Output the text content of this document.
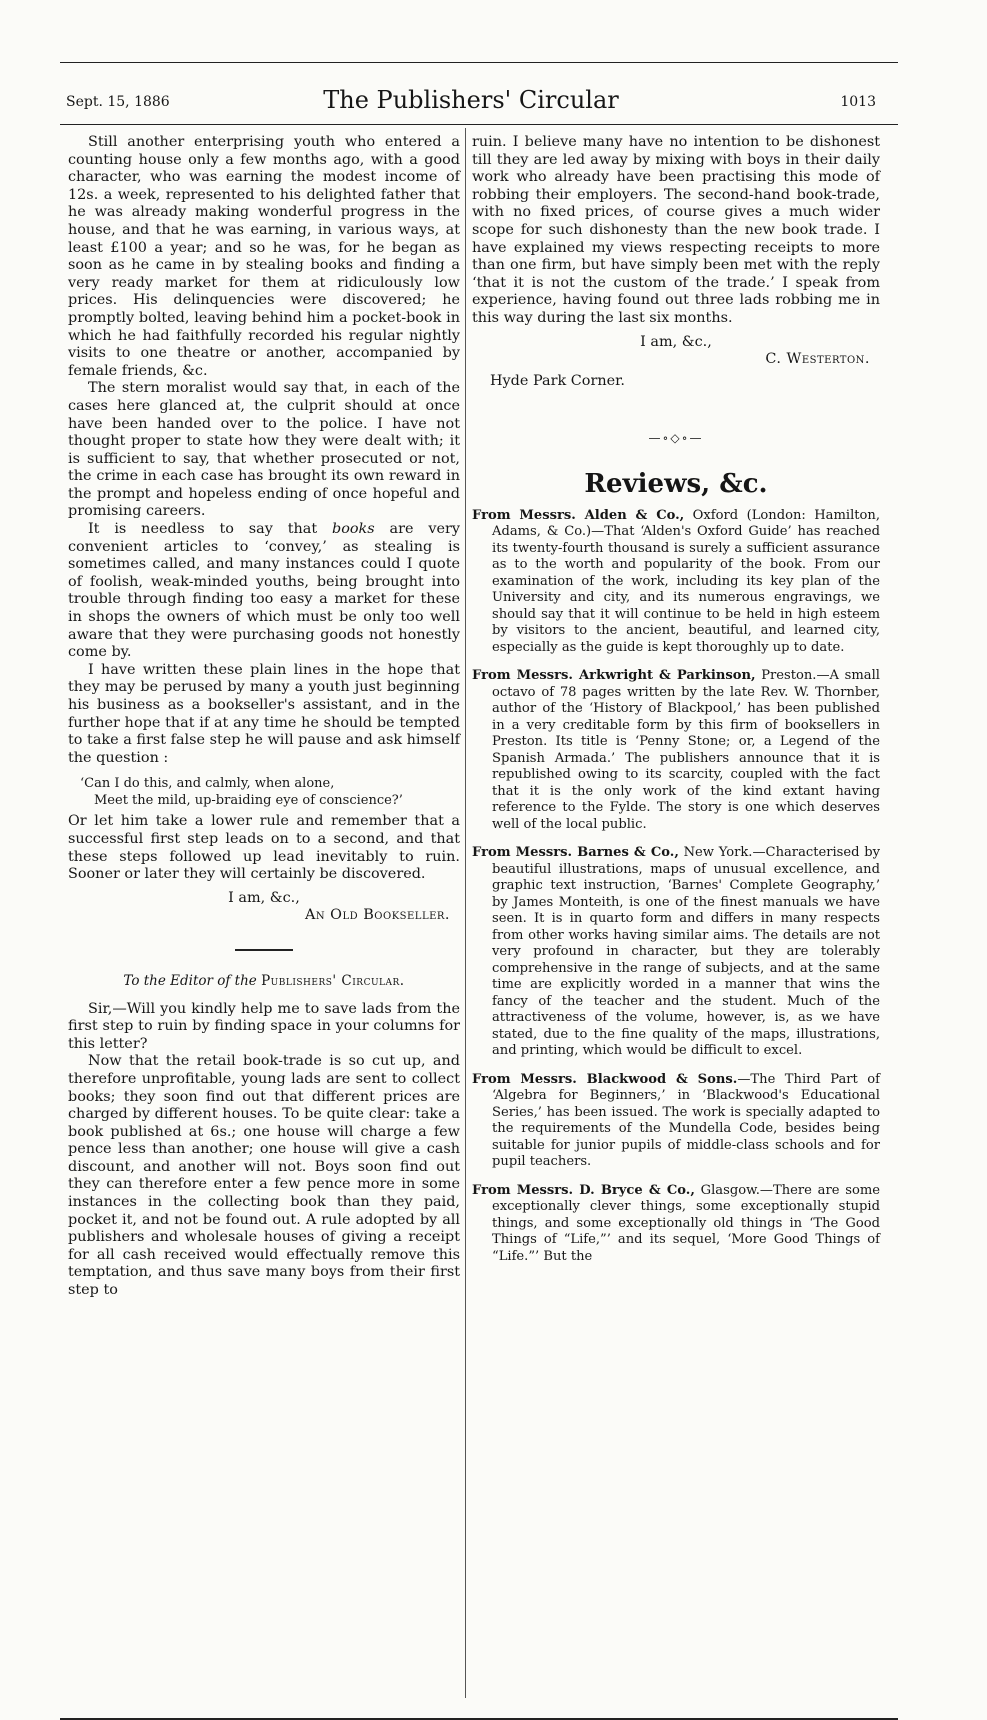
Sept. 15, 1886	The Publishers' Circular	1013

Still another enterprising youth who entered a counting house only a few months ago, with a good character, who was earning the modest income of 12s. a week, represented to his delighted father that he was already making wonderful progress in the house, and that he was earning, in various ways, at least £100 a year; and so he was, for he began as soon as he came in by stealing books and finding a very ready market for them at ridiculously low prices. His delinquencies were discovered; he promptly bolted, leaving behind him a pocket-book in which he had faithfully recorded his regular nightly visits to one theatre or another, accompanied by female friends, &c.

The stern moralist would say that, in each of the cases here glanced at, the culprit should at once have been handed over to the police. I have not thought proper to state how they were dealt with; it is sufficient to say, that whether prosecuted or not, the crime in each case has brought its own reward in the prompt and hopeless ending of once hopeful and promising careers.

It is needless to say that books are very convenient articles to ‘convey,’ as stealing is sometimes called, and many instances could I quote of foolish, weak-minded youths, being brought into trouble through finding too easy a market for these in shops the owners of which must be only too well aware that they were purchasing goods not honestly come by.

I have written these plain lines in the hope that they may be perused by many a youth just beginning his business as a bookseller's assistant, and in the further hope that if at any time he should be tempted to take a first false step he will pause and ask himself the question :

‘Can I do this, and calmly, when alone,
Meet the mild, up-braiding eye of conscience?’

Or let him take a lower rule and remember that a successful first step leads on to a second, and that these steps followed up lead inevitably to ruin. Sooner or later they will certainly be discovered.

I am, &c.,
An Old Bookseller.
To the Editor of the Publishers' Circular.

Sir,—Will you kindly help me to save lads from the first step to ruin by finding space in your columns for this letter?

Now that the retail book-trade is so cut up, and therefore unprofitable, young lads are sent to collect books; they soon find out that different prices are charged by different houses. To be quite clear: take a book published at 6s.; one house will charge a few pence less than another; one house will give a cash discount, and another will not. Boys soon find out they can therefore enter a few pence more in some instances in the collecting book than they paid, pocket it, and not be found out. A rule adopted by all publishers and wholesale houses of giving a receipt for all cash received would effectually remove this temptation, and thus save many boys from their first step to

ruin. I believe many have no intention to be dishonest till they are led away by mixing with boys in their daily work who already have been practising this mode of robbing their employers. The second-hand book-trade, with no fixed prices, of course gives a much wider scope for such dishonesty than the new book trade. I have explained my views respecting receipts to more than one firm, but have simply been met with the reply ‘that it is not the custom of the trade.’ I speak from experience, having found out three lads robbing me in this way during the last six months.

I am, &c.,
C. Westerton.
Hyde Park Corner.
—∘◇∘—
Reviews, &c.
From Messrs. Alden & Co., Oxford (London: Hamilton, Adams, & Co.)—That ‘Alden's Oxford Guide’ has reached its twenty-fourth thousand is surely a sufficient assurance as to the worth and popularity of the book. From our examination of the work, including its key plan of the University and city, and its numerous engravings, we should say that it will continue to be held in high esteem by visitors to the ancient, beautiful, and learned city, especially as the guide is kept thoroughly up to date.
From Messrs. Arkwright & Parkinson, Preston.—A small octavo of 78 pages written by the late Rev. W. Thornber, author of the ‘History of Blackpool,’ has been published in a very creditable form by this firm of booksellers in Preston. Its title is ‘Penny Stone; or, a Legend of the Spanish Armada.’ The publishers announce that it is republished owing to its scarcity, coupled with the fact that it is the only work of the kind extant having reference to the Fylde. The story is one which deserves well of the local public.
From Messrs. Barnes & Co., New York.—Characterised by beautiful illustrations, maps of unusual excellence, and graphic text instruction, ‘Barnes' Complete Geography,’ by James Monteith, is one of the finest manuals we have seen. It is in quarto form and differs in many respects from other works having similar aims. The details are not very profound in character, but they are tolerably comprehensive in the range of subjects, and at the same time are explicitly worded in a manner that wins the fancy of the teacher and the student. Much of the attractiveness of the volume, however, is, as we have stated, due to the fine quality of the maps, illustrations, and printing, which would be difficult to excel.
From Messrs. Blackwood & Sons.—The Third Part of ‘Algebra for Beginners,’ in ‘Blackwood's Educational Series,’ has been issued. The work is specially adapted to the requirements of the Mundella Code, besides being suitable for junior pupils of middle-class schools and for pupil teachers.
From Messrs. D. Bryce & Co., Glasgow.—There are some exceptionally clever things, some exceptionally stupid things, and some exceptionally old things in ‘The Good Things of “Life,”’ and its sequel, ‘More Good Things of “Life.”’ But the
